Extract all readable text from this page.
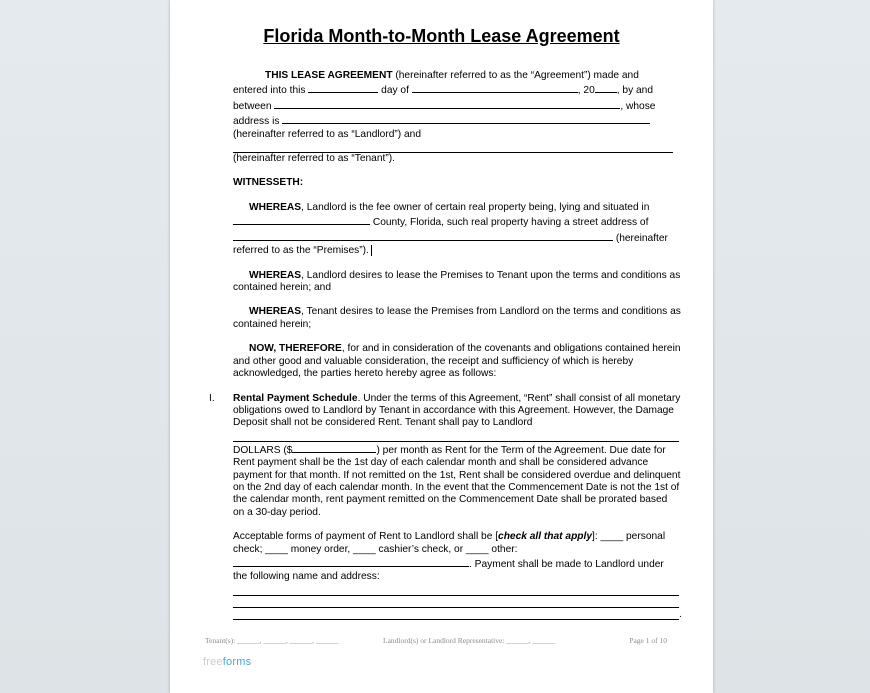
Florida Month-to-Month Lease Agreement

THIS LEASE AGREEMENT (hereinafter referred to as the “Agreement”) made and

entered into this	day of	, 20 , by and

between	, whose

address is

(hereinafter referred to as “Landlord”) and

(hereinafter referred to as “Tenant”).

WITNESSETH:

WHEREAS, Landlord is the fee owner of certain real property being, lying and situated in

County, Florida, such real property having a street address of

(hereinafter

referred to as the “Premises”).

WHEREAS, Landlord desires to lease the Premises to Tenant upon the terms and conditions as contained herein; and

WHEREAS, Tenant desires to lease the Premises from Landlord on the terms and conditions as contained herein;

NOW, THEREFORE, for and in consideration of the covenants and obligations contained herein and other good and valuable consideration, the receipt and sufficiency of which is hereby acknowledged, the parties hereto hereby agree as follows:

I. Rental Payment Schedule. Under the terms of this Agreement, “Rent” shall consist of all monetary obligations owed to Landlord by Tenant in accordance with this Agreement. However, the Damage Deposit shall not be considered Rent. Tenant shall pay to Landlord

DOLLARS ($	) per month as Rent for the Term of the Agreement. Due date for Rent payment shall be the 1st day of each calendar month and shall be considered advance payment for that month. If not remitted on the 1st, Rent shall be considered overdue and delinquent on the 2nd day of each calendar month. In the event that the Commencement Date is not the 1st of the calendar month, rent payment remitted on the Commencement Date shall be prorated based on a 30-day period.

Acceptable forms of payment of Rent to Landlord shall be [check all that apply]: ____ personal check; ____ money order, ____ cashier’s check, or ____ other:

. Payment shall be made to Landlord under

the following name and address:

.
Tenant(s): ______, ______, ______, ______	Landlord(s) or Landlord Representative: ______, ______	Page 1 of 10
freeforms
